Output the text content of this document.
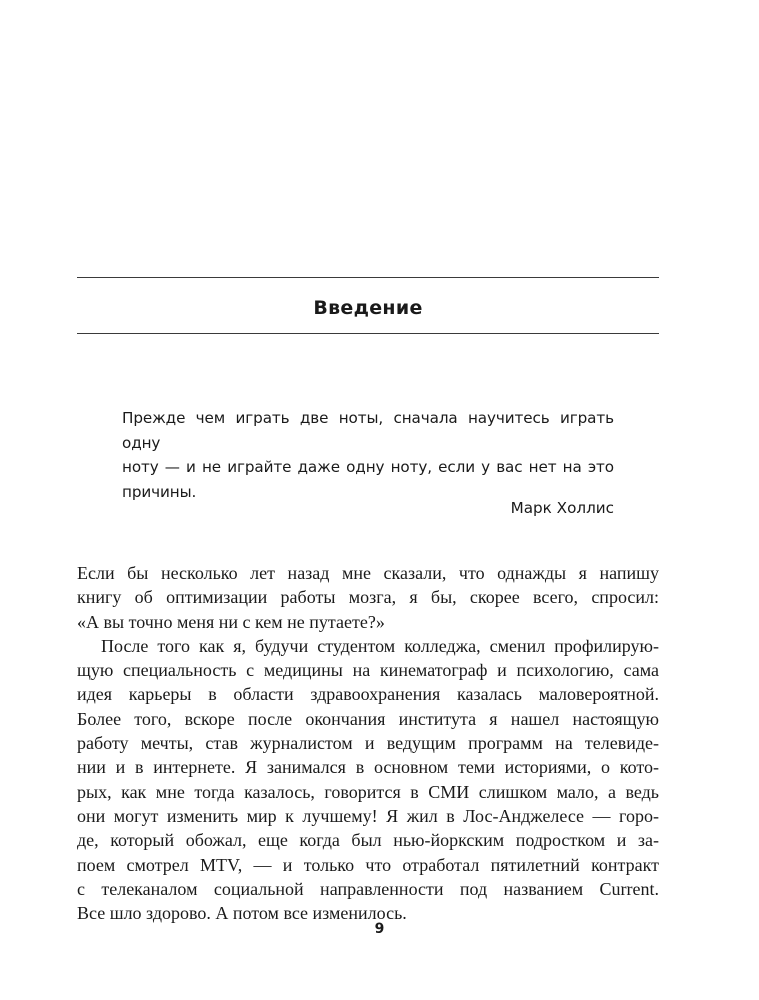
Введение
Прежде чем играть две ноты, сначала научитесь играть одну
ноту — и не играйте даже одну ноту, если у вас нет на это
причины.
Марк Холлис

Если бы несколько лет назад мне сказали, что однажды я напишу

книгу об оптимизации работы мозга, я бы, скорее всего, спросил:

«А вы точно меня ни с кем не путаете?»

После того как я, будучи студентом колледжа, сменил профилирую-

щую специальность с медицины на кинематограф и психологию, сама

идея карьеры в области здравоохранения казалась маловероятной.

Более того, вскоре после окончания института я нашел настоящую

работу мечты, став журналистом и ведущим программ на телевиде-

нии и в интернете. Я занимался в основном теми историями, о кото-

рых, как мне тогда казалось, говорится в СМИ слишком мало, а ведь

они могут изменить мир к лучшему! Я жил в Лос-Анджелесе — горо-

де, который обожал, еще когда был нью-йоркским подростком и за-

поем смотрел MTV, — и только что отработал пятилетний контракт

с телеканалом социальной направленности под названием Current.

Все шло здорово. А потом все изменилось.

9
